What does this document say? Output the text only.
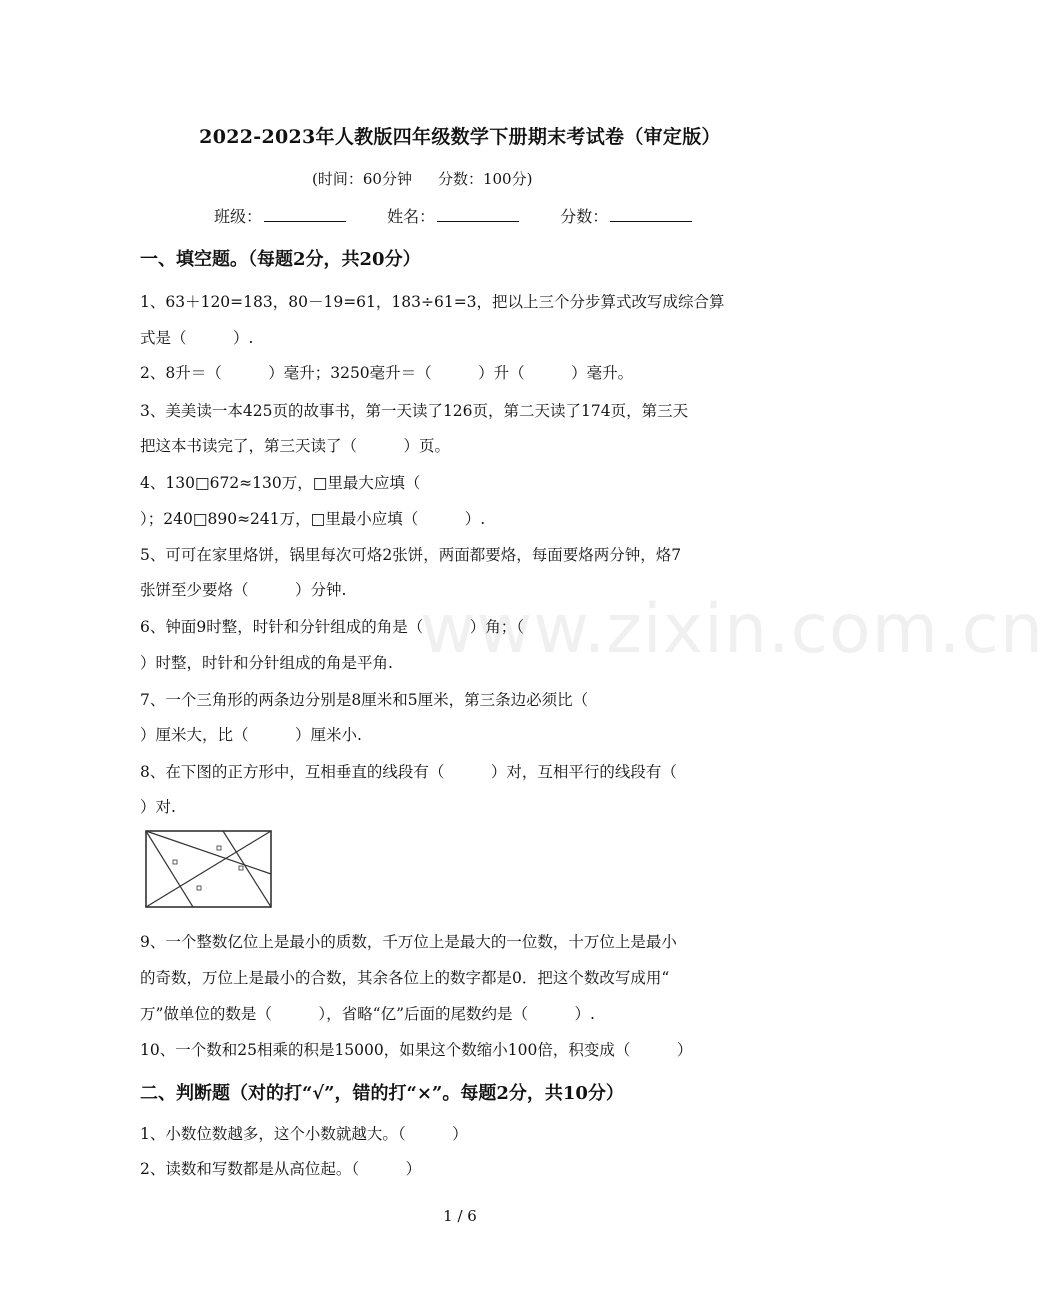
www.zixin.com.cn
2022-2023年人教版四年级数学下册期末考试卷（审定版）
(时间：60分钟 分数：100分)
班级：	姓名：	分数：
一、填空题。（每题2分，共20分）
1、63＋120=183，80－19=61，183÷61=3，把以上三个分步算式改写成综合算
式是（　　　）.
2、8升＝（　　　）毫升；3250毫升＝（　　　）升（　　　）毫升。
3、美美读一本425页的故事书，第一天读了126页，第二天读了174页，第三天
把这本书读完了，第三天读了（　　　）页。
4、130□672≈130万，□里最大应填（
）；240□890≈241万，□里最小应填（　　　）.
5、可可在家里烙饼，锅里每次可烙2张饼，两面都要烙，每面要烙两分钟，烙7
张饼至少要烙（　　　）分钟.
6、钟面9时整，时针和分针组成的角是（　　　）角；（
）时整，时针和分针组成的角是平角.
7、一个三角形的两条边分别是8厘米和5厘米，第三条边必须比（
）厘米大，比（　　　）厘米小.
8、在下图的正方形中，互相垂直的线段有（　　　）对，互相平行的线段有（
）对.
9、一个整数亿位上是最小的质数，千万位上是最大的一位数，十万位上是最小
的奇数，万位上是最小的合数，其余各位上的数字都是0．把这个数改写成用“
万”做单位的数是（　　　），省略“亿”后面的尾数约是（　　　）.
10、一个数和25相乘的积是15000，如果这个数缩小100倍，积变成（　　　）
二、判断题（对的打“√”，错的打“×”。每题2分，共10分）
1、小数位数越多，这个小数就越大。（　　　）
2、读数和写数都是从高位起。（　　　）
1 / 6
